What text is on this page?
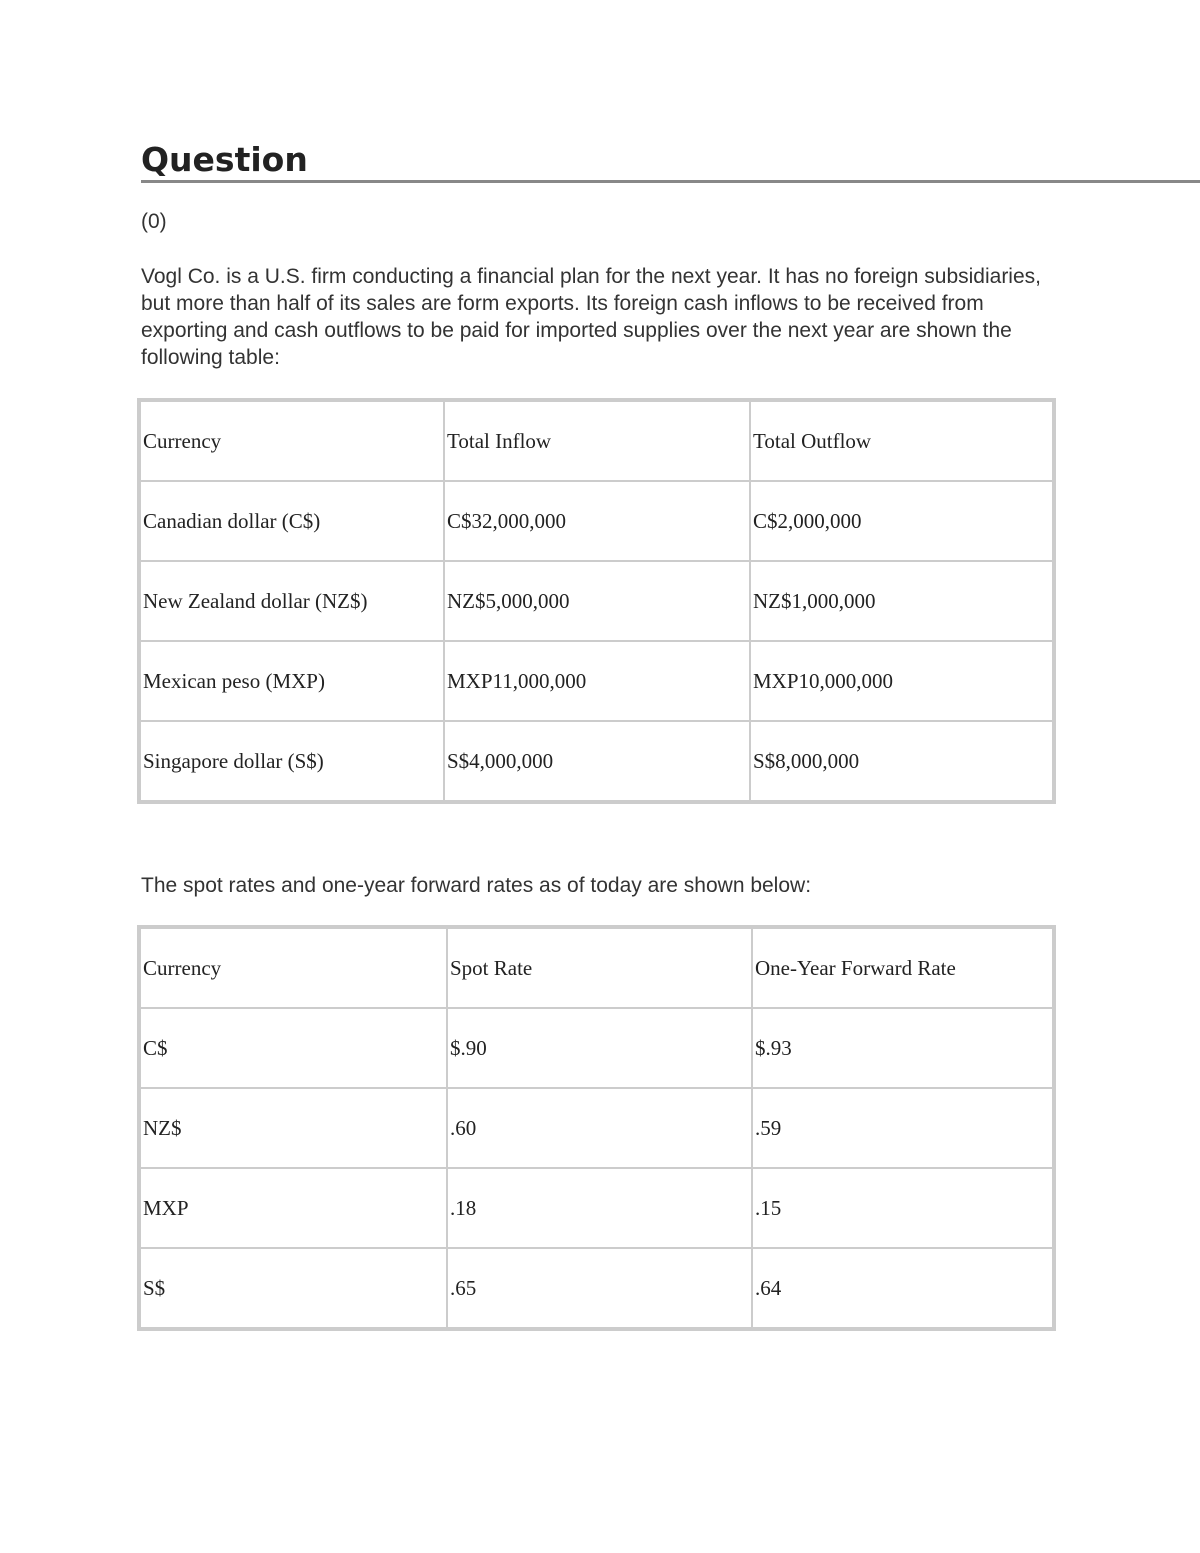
Question
(0)

Vogl Co. is a U.S. firm conducting a financial plan for the next year. It has no foreign subsidiaries, but more than half of its sales are form exports. Its foreign cash inflows to be received from exporting and cash outflows to be paid for imported supplies over the next year are shown the following table:

Currency	Total Inflow	Total Outflow
Canadian dollar (C$)	C$32,000,000	C$2,000,000
New Zealand dollar (NZ$)	NZ$5,000,000	NZ$1,000,000
Mexican peso (MXP)	MXP11,000,000	MXP10,000,000
Singapore dollar (S$)	S$4,000,000	S$8,000,000

The spot rates and one-year forward rates as of today are shown below:

Currency	Spot Rate	One-Year Forward Rate
C$	$.90	$.93
NZ$	.60	.59
MXP	.18	.15
S$	.65	.64
